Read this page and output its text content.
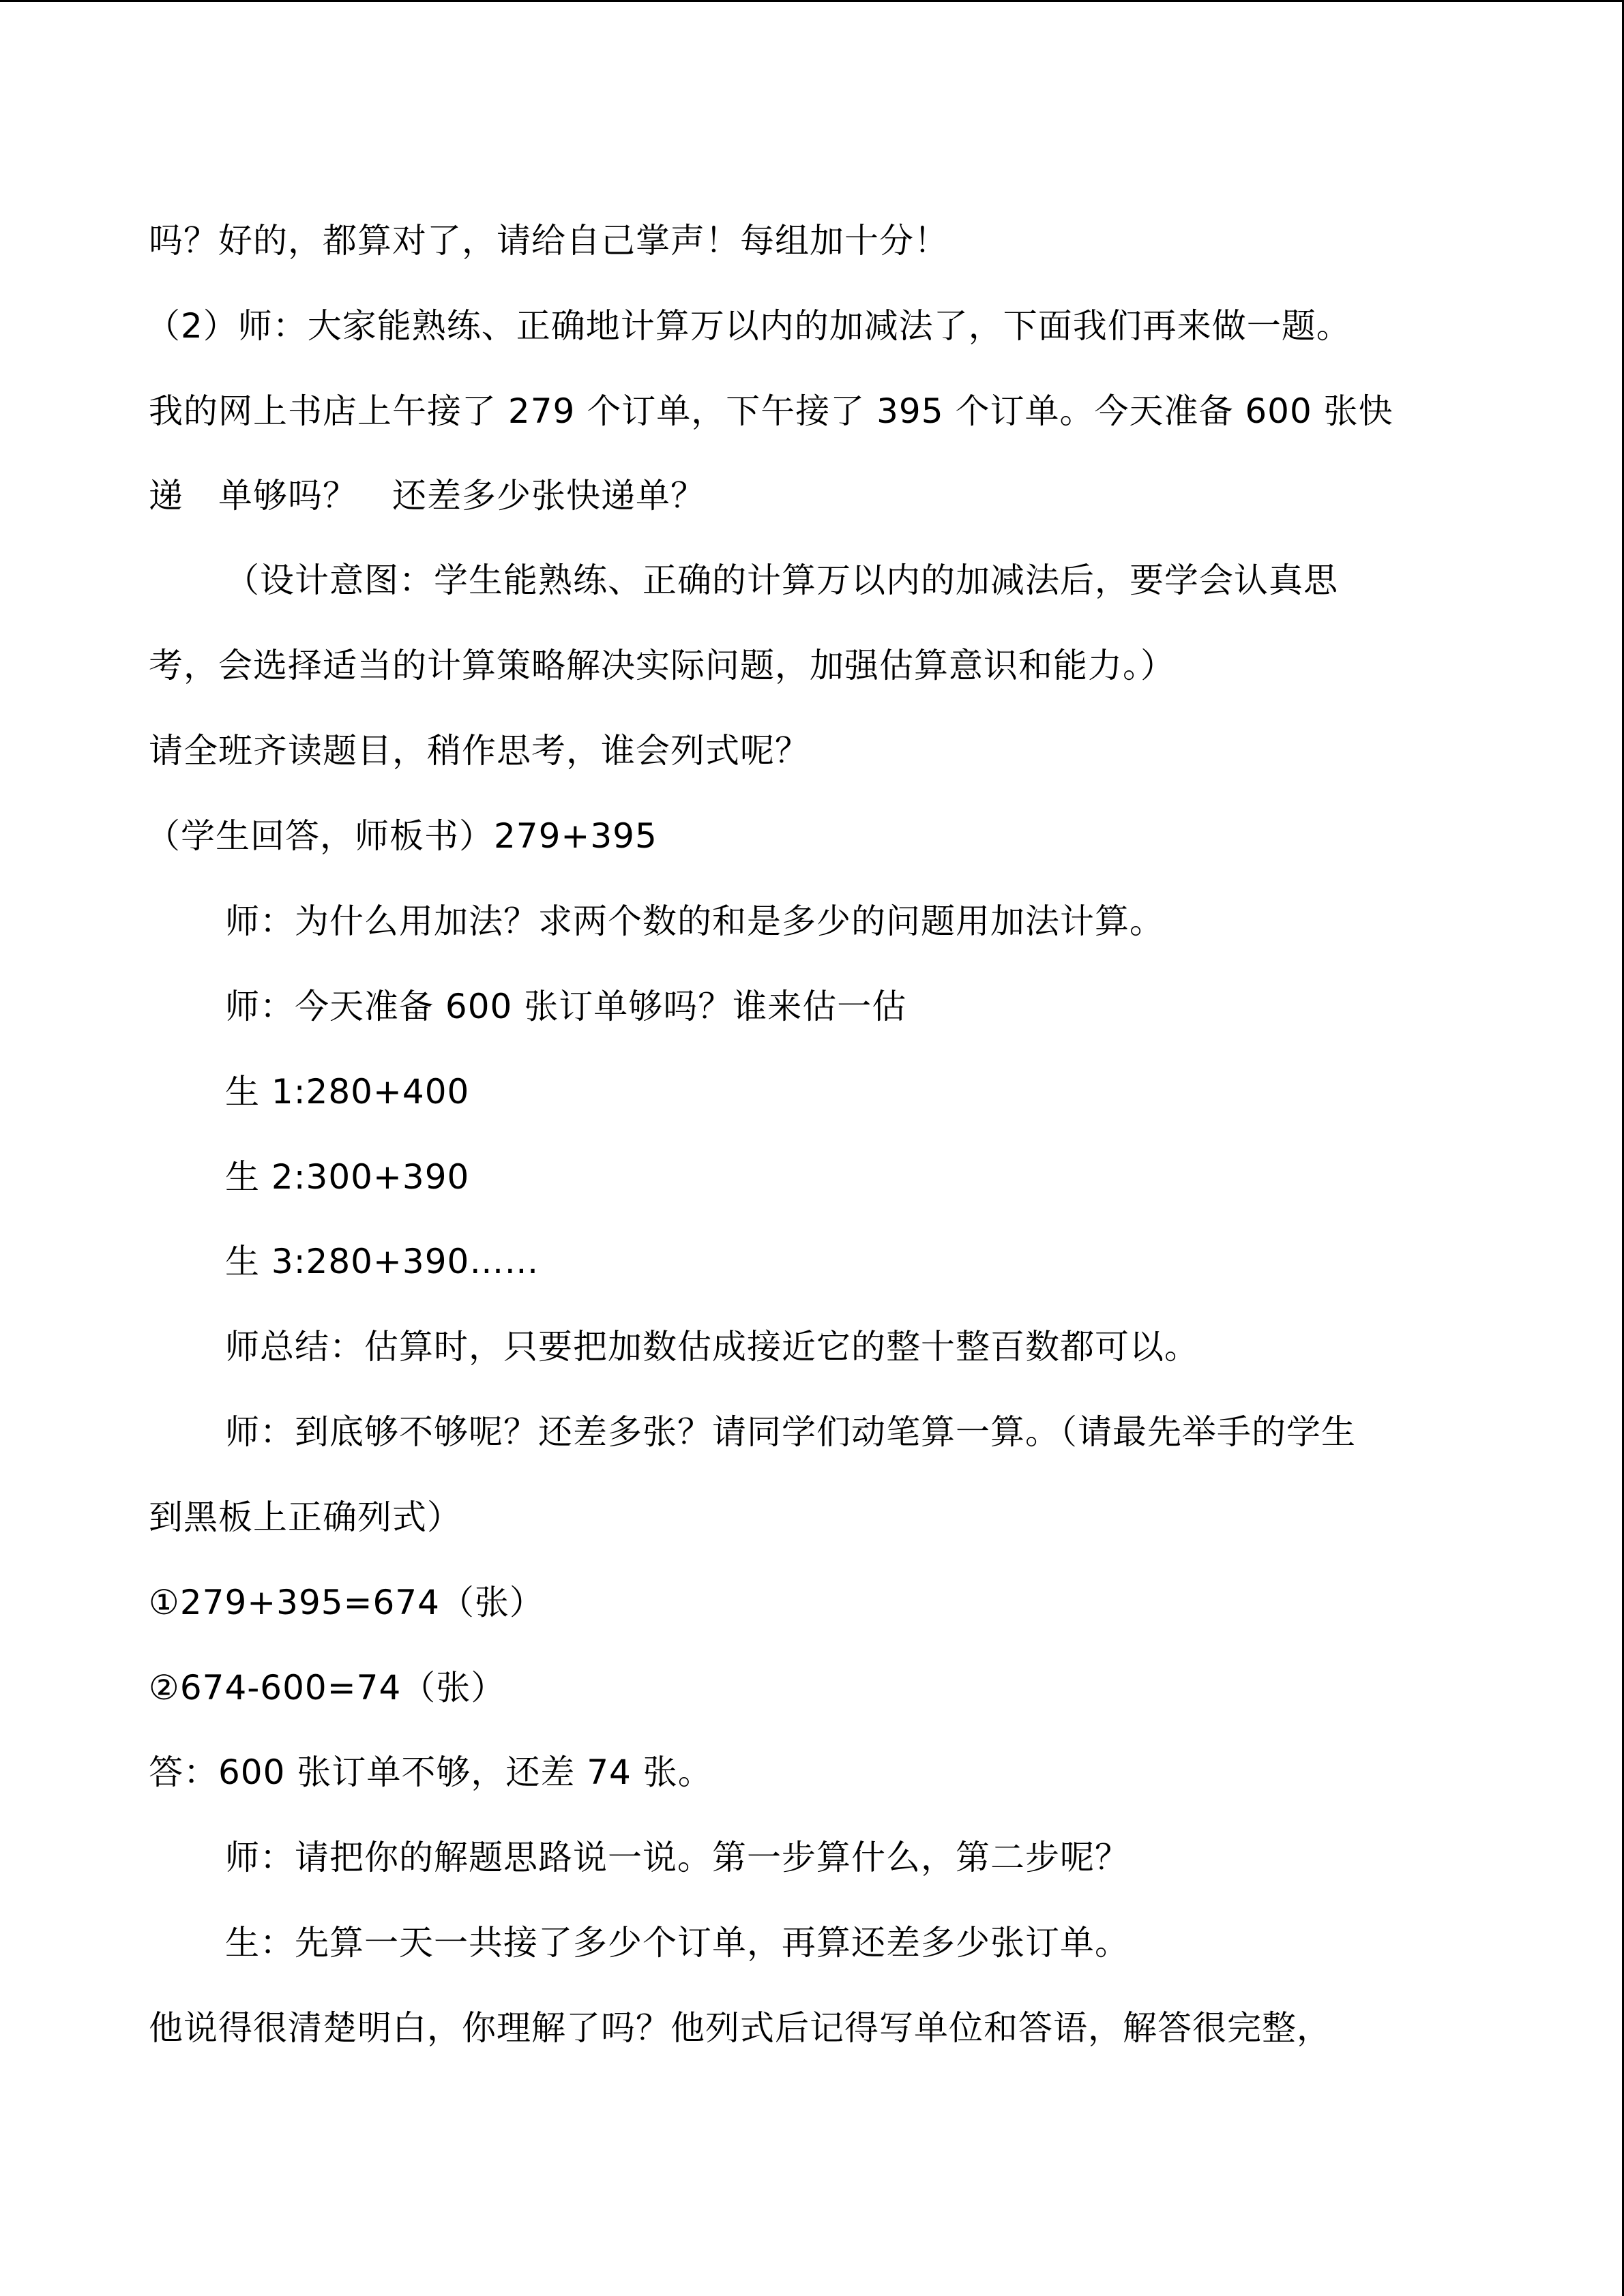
吗？好的，都算对了，请给自己掌声！每组加十分！
（2）师：大家能熟练、正确地计算万以内的加减法了，下面我们再来做一题。
我的网上书店上午接了 279 个订单，下午接了 395 个订单。今天准备 600 张快
递　单够吗？　还差多少张快递单？
（设计意图：学生能熟练、正确的计算万以内的加减法后，要学会认真思
考，会选择适当的计算策略解决实际问题，加强估算意识和能力。）
请全班齐读题目，稍作思考，谁会列式呢？
（学生回答，师板书）279+395
师：为什么用加法？求两个数的和是多少的问题用加法计算。
师：今天准备 600 张订单够吗？谁来估一估
生 1:280+400
生 2:300+390
生 3:280+390……
师总结：估算时，只要把加数估成接近它的整十整百数都可以。
师：到底够不够呢？还差多张？请同学们动笔算一算。（请最先举手的学生
到黑板上正确列式）
①279+395=674（张）
②674-600=74（张）
答：600 张订单不够，还差 74 张。
师：请把你的解题思路说一说。第一步算什么，第二步呢？
生：先算一天一共接了多少个订单，再算还差多少张订单。
他说得很清楚明白，你理解了吗？他列式后记得写单位和答语，解答很完整，
